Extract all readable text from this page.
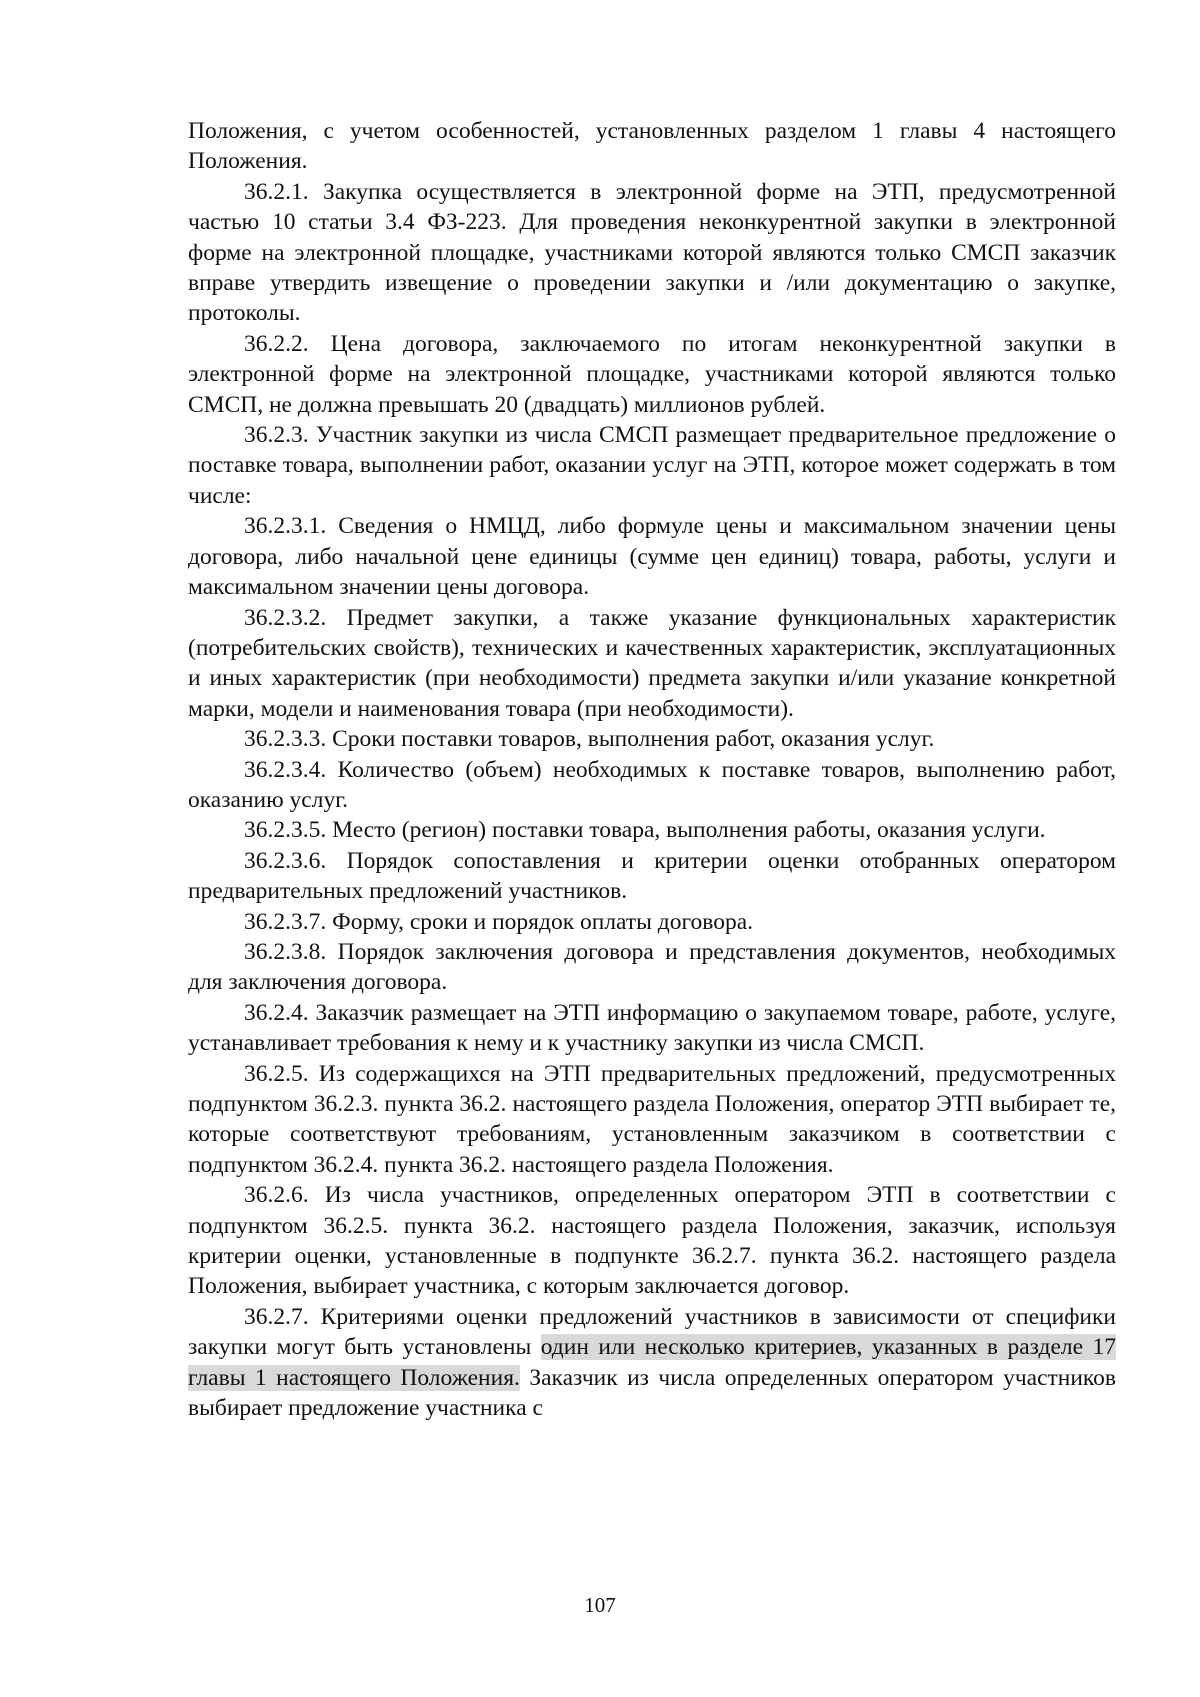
Положения, с учетом особенностей, установленных разделом 1 главы 4 настоящего Положения.

36.2.1. Закупка осуществляется в электронной форме на ЭТП, предусмотренной частью 10 статьи 3.4 ФЗ-223. Для проведения неконкурентной закупки в электронной форме на электронной площадке, участниками которой являются только СМСП заказчик вправе утвердить извещение о проведении закупки и /или документацию о закупке, протоколы.

36.2.2. Цена договора, заключаемого по итогам неконкурентной закупки в электронной форме на электронной площадке, участниками которой являются только СМСП, не должна превышать 20 (двадцать) миллионов рублей.

36.2.3. Участник закупки из числа СМСП размещает предварительное предложение о поставке товара, выполнении работ, оказании услуг на ЭТП, которое может содержать в том числе:

36.2.3.1. Сведения о НМЦД, либо формуле цены и максимальном значении цены договора, либо начальной цене единицы (сумме цен единиц) товара, работы, услуги и максимальном значении цены договора.

36.2.3.2. Предмет закупки, а также указание функциональных характеристик (потребительских свойств), технических и качественных характеристик, эксплуатационных и иных характеристик (при необходимости) предмета закупки и/или указание конкретной марки, модели и наименования товара (при необходимости).

36.2.3.3. Сроки поставки товаров, выполнения работ, оказания услуг.

36.2.3.4. Количество (объем) необходимых к поставке товаров, выполнению работ, оказанию услуг.

36.2.3.5. Место (регион) поставки товара, выполнения работы, оказания услуги.

36.2.3.6. Порядок сопоставления и критерии оценки отобранных оператором предварительных предложений участников.

36.2.3.7. Форму, сроки и порядок оплаты договора.

36.2.3.8. Порядок заключения договора и представления документов, необходимых для заключения договора.

36.2.4. Заказчик размещает на ЭТП информацию о закупаемом товаре, работе, услуге, устанавливает требования к нему и к участнику закупки из числа СМСП.

36.2.5. Из содержащихся на ЭТП предварительных предложений, предусмотренных подпунктом 36.2.3. пункта 36.2. настоящего раздела Положения, оператор ЭТП выбирает те, которые соответствуют требованиям, установленным заказчиком в соответствии с подпунктом 36.2.4. пункта 36.2. настоящего раздела Положения.

36.2.6. Из числа участников, определенных оператором ЭТП в соответствии с подпунктом 36.2.5. пункта 36.2. настоящего раздела Положения, заказчик, используя критерии оценки, установленные в подпункте 36.2.7. пункта 36.2. настоящего раздела Положения, выбирает участника, с которым заключается договор.

36.2.7. Критериями оценки предложений участников в зависимости от специфики закупки могут быть установлены один или несколько критериев, указанных в разделе 17 главы 1 настоящего Положения. Заказчик из числа определенных оператором участников выбирает предложение участника с

107
